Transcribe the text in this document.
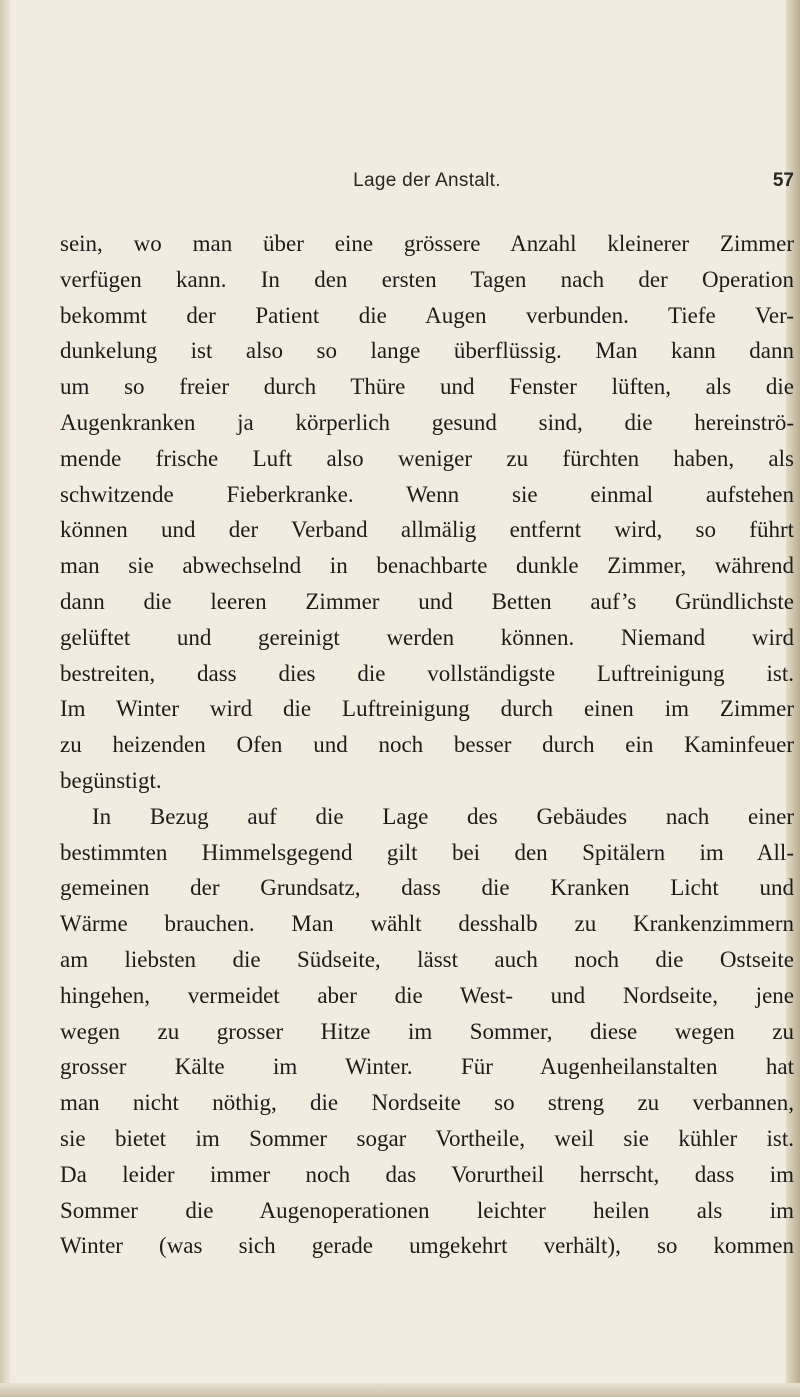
Lage der Anstalt.	57
sein, wo man über eine grössere Anzahl kleinerer Zimmer
verfügen kann. In den ersten Tagen nach der Operation
bekommt der Patient die Augen verbunden. Tiefe Ver-
dunkelung ist also so lange überflüssig. Man kann dann
um so freier durch Thüre und Fenster lüften, als die
Augenkranken ja körperlich gesund sind, die hereinströ-
mende frische Luft also weniger zu fürchten haben, als
schwitzende Fieberkranke. Wenn sie einmal aufstehen
können und der Verband allmälig entfernt wird, so führt
man sie abwechselnd in benachbarte dunkle Zimmer, während
dann die leeren Zimmer und Betten auf’s Gründlichste
gelüftet und gereinigt werden können. Niemand wird
bestreiten, dass dies die vollständigste Luftreinigung ist.
Im Winter wird die Luftreinigung durch einen im Zimmer
zu heizenden Ofen und noch besser durch ein Kaminfeuer
begünstigt.
In Bezug auf die Lage des Gebäudes nach einer
bestimmten Himmelsgegend gilt bei den Spitälern im All-
gemeinen der Grundsatz, dass die Kranken Licht und
Wärme brauchen. Man wählt desshalb zu Krankenzimmern
am liebsten die Südseite, lässt auch noch die Ostseite
hingehen, vermeidet aber die West- und Nordseite, jene
wegen zu grosser Hitze im Sommer, diese wegen zu
grosser Kälte im Winter. Für Augenheilanstalten hat
man nicht nöthig, die Nordseite so streng zu verbannen,
sie bietet im Sommer sogar Vortheile, weil sie kühler ist.
Da leider immer noch das Vorurtheil herrscht, dass im
Sommer die Augenoperationen leichter heilen als im
Winter (was sich gerade umgekehrt verhält), so kommen
